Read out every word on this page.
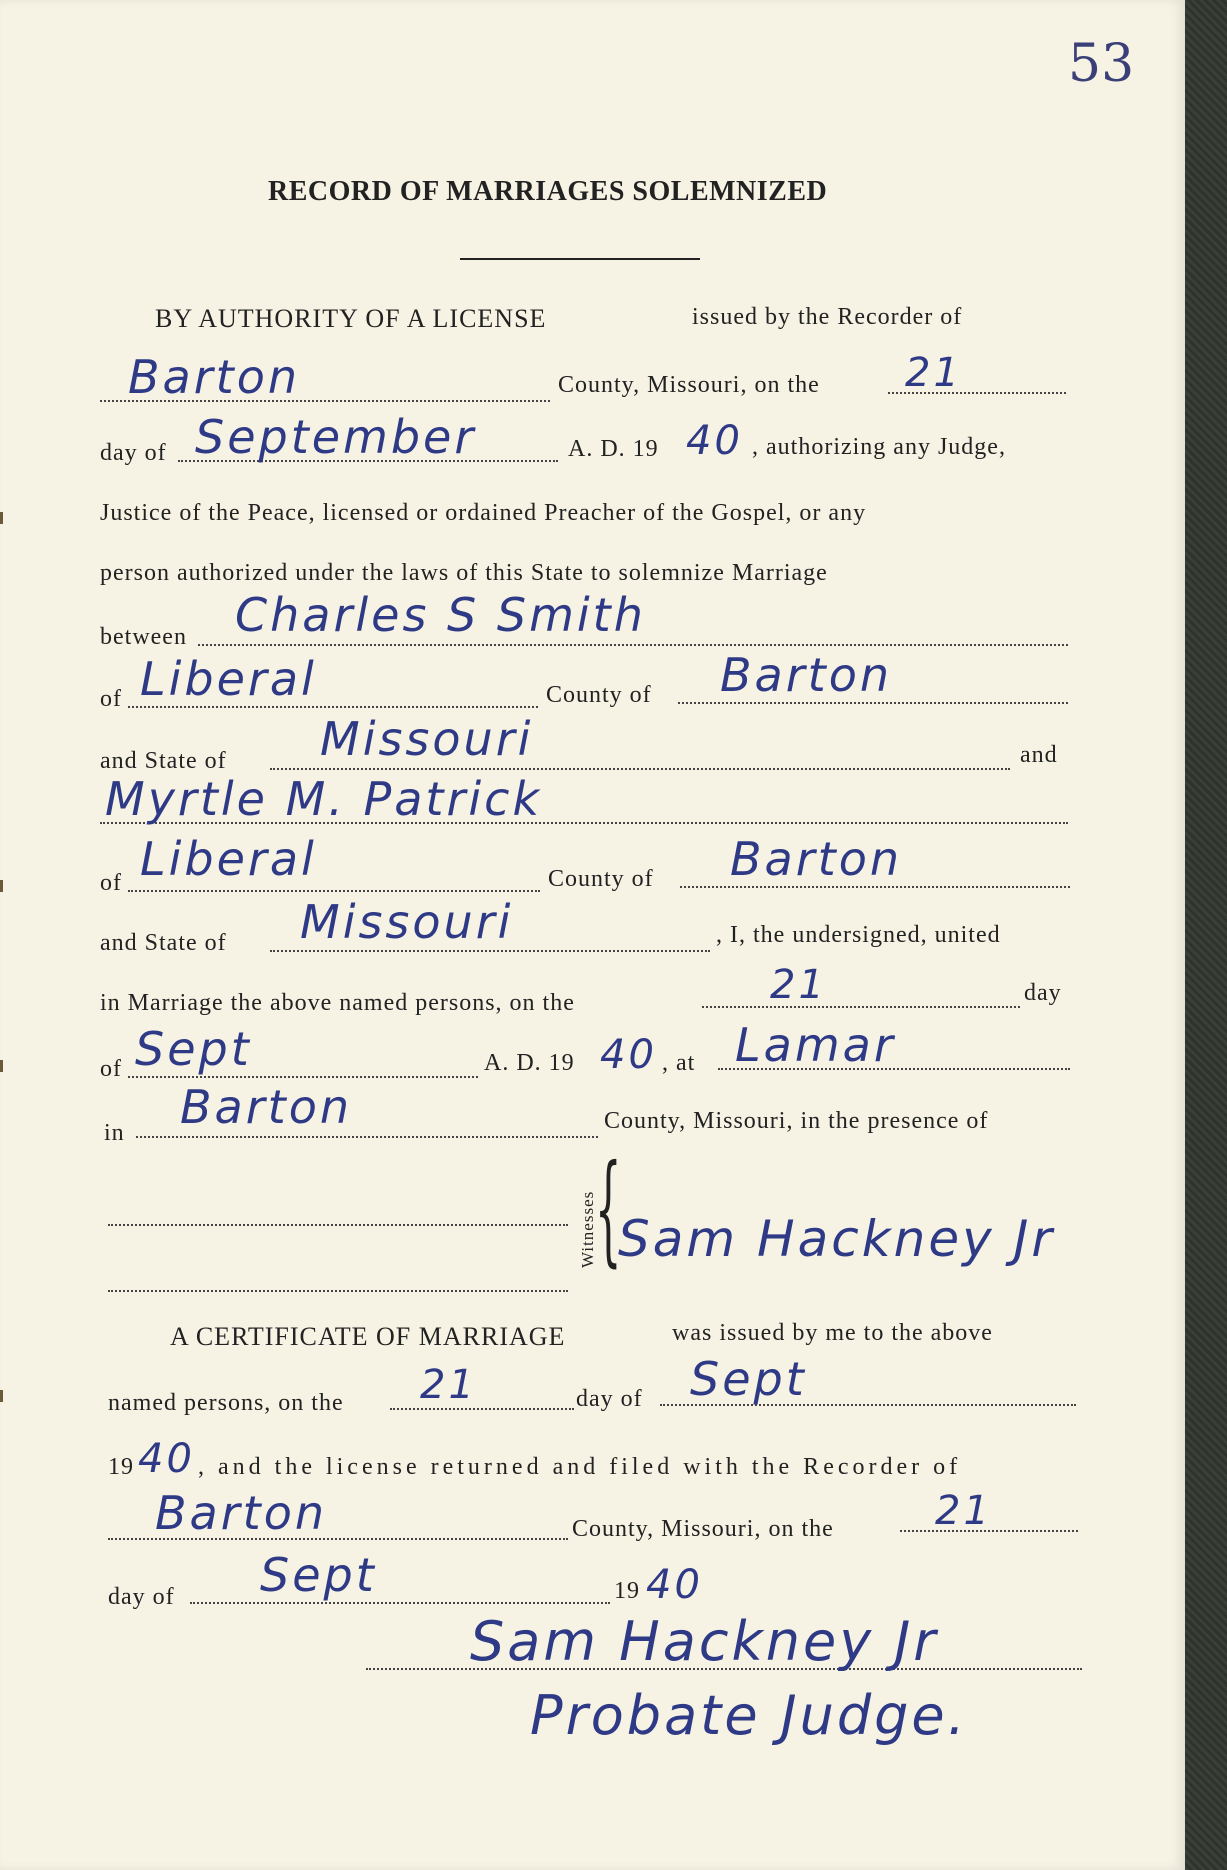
53
RECORD OF MARRIAGES SOLEMNIZED
BY AUTHORITY OF A LICENSE	issued by the Recorder of
Barton	County, Missouri, on the 21
day of September	A. D. 19 40 , authorizing any Judge,
Justice of the Peace, licensed or ordained Preacher of the Gospel, or any
person authorized under the laws of this State to solemnize Marriage
between Charles S Smith
of Liberal	County of Barton
and State of Missouri	and
Myrtle M. Patrick
of Liberal	County of Barton
and State of Missouri	, I, the undersigned, united
in Marriage the above named persons, on the	21	day
of Sept	A. D. 19 40 , at Lamar
in Barton	County, Missouri, in the presence of
{
Witnesses Sam Hackney Jr
A CERTIFICATE OF MARRIAGE	was issued by me to the above
named persons, on the 21	day of Sept
19 40 , and the license returned and filed with the Recorder of
Barton	County, Missouri, on the	21
day of Sept	19 40
Sam Hackney Jr
Probate Judge.
